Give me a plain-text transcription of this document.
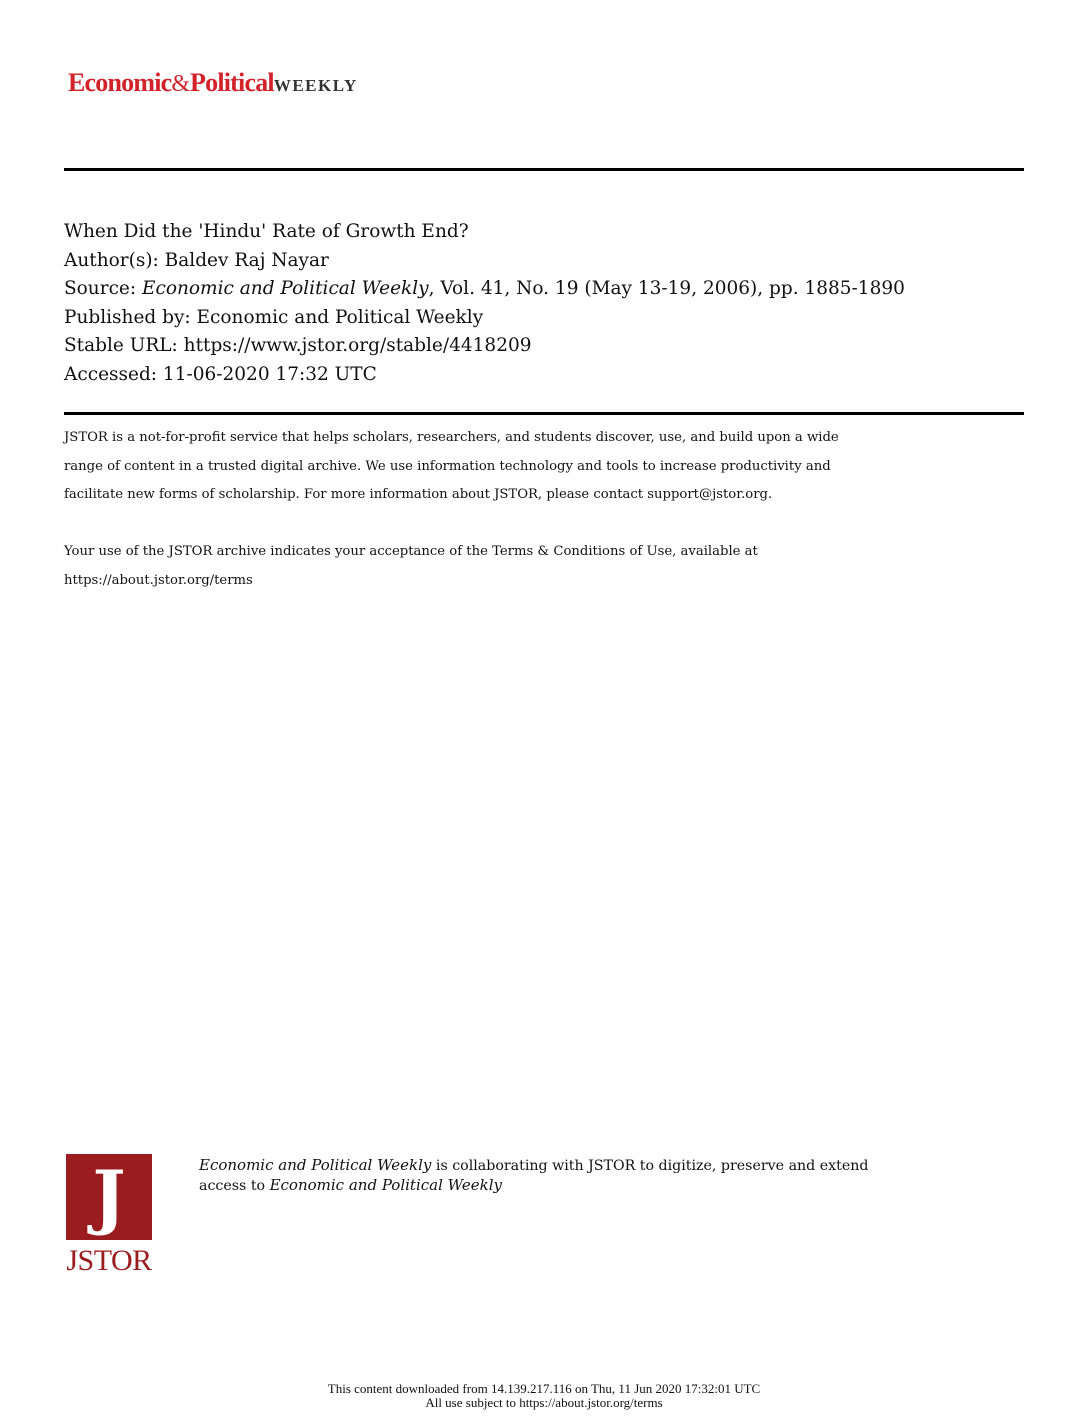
Economic&PoliticalWEEKLY
When Did the 'Hindu' Rate of Growth End?
Author(s): Baldev Raj Nayar
Source: Economic and Political Weekly, Vol. 41, No. 19 (May 13-19, 2006), pp. 1885-1890
Published by: Economic and Political Weekly
Stable URL: https://www.jstor.org/stable/4418209
Accessed: 11-06-2020 17:32 UTC
JSTOR is a not-for-profit service that helps scholars, researchers, and students discover, use, and build upon a wide
range of content in a trusted digital archive. We use information technology and tools to increase productivity and
facilitate new forms of scholarship. For more information about JSTOR, please contact support@jstor.org.
Your use of the JSTOR archive indicates your acceptance of the Terms & Conditions of Use, available at
https://about.jstor.org/terms
J
JSTOR
Economic and Political Weekly is collaborating with JSTOR to digitize, preserve and extend
access to Economic and Political Weekly
This content downloaded from 14.139.217.116 on Thu, 11 Jun 2020 17:32:01 UTC
All use subject to https://about.jstor.org/terms
